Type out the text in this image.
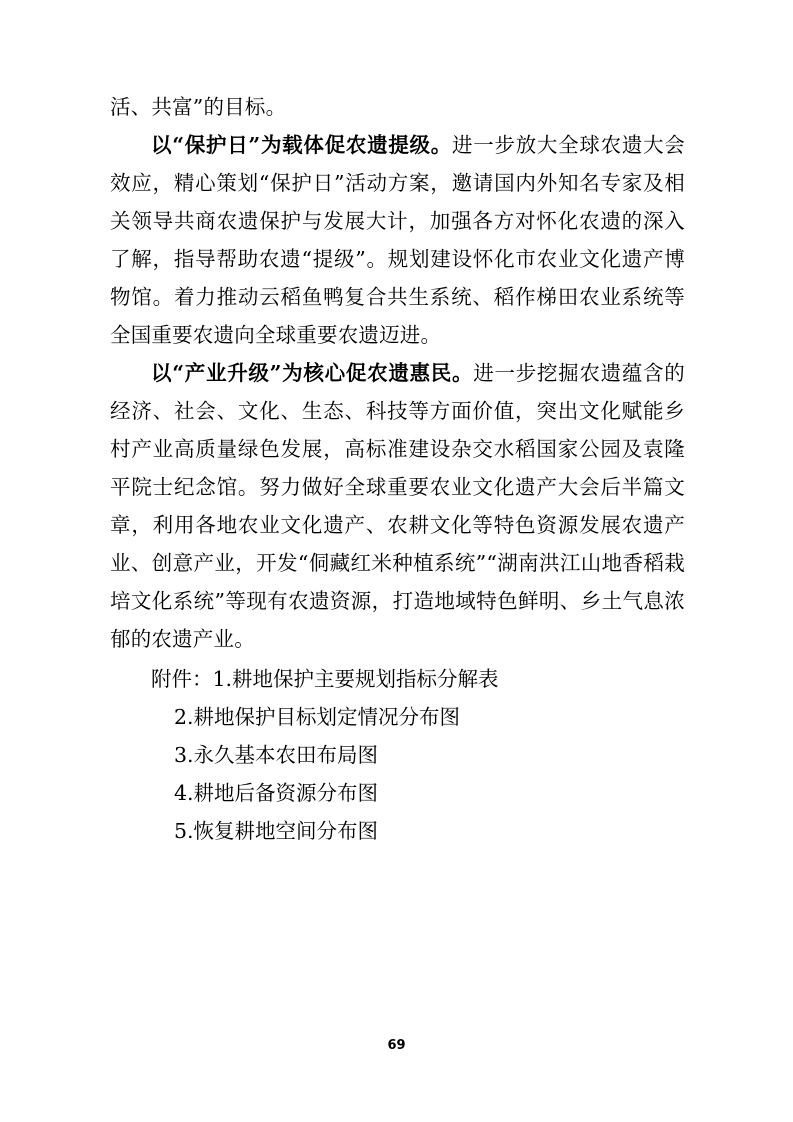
活、共富”的目标。

以“保护日”为载体促农遗提级。进一步放大全球农遗大会效应，精心策划“保护日”活动方案，邀请国内外知名专家及相关领导共商农遗保护与发展大计，加强各方对怀化农遗的深入了解，指导帮助农遗“提级”。规划建设怀化市农业文化遗产博物馆。着力推动云稻鱼鸭复合共生系统、稻作梯田农业系统等全国重要农遗向全球重要农遗迈进。

以“产业升级”为核心促农遗惠民。进一步挖掘农遗蕴含的经济、社会、文化、生态、科技等方面价值，突出文化赋能乡村产业高质量绿色发展，高标准建设杂交水稻国家公园及袁隆平院士纪念馆。努力做好全球重要农业文化遗产大会后半篇文章，利用各地农业文化遗产、农耕文化等特色资源发展农遗产业、创意产业，开发“侗藏红米种植系统”“湖南洪江山地香稻栽培文化系统”等现有农遗资源，打造地域特色鲜明、乡土气息浓郁的农遗产业。

附件：1.耕地保护主要规划指标分解表
2.耕地保护目标划定情况分布图
3.永久基本农田布局图
4.耕地后备资源分布图
5.恢复耕地空间分布图
69
